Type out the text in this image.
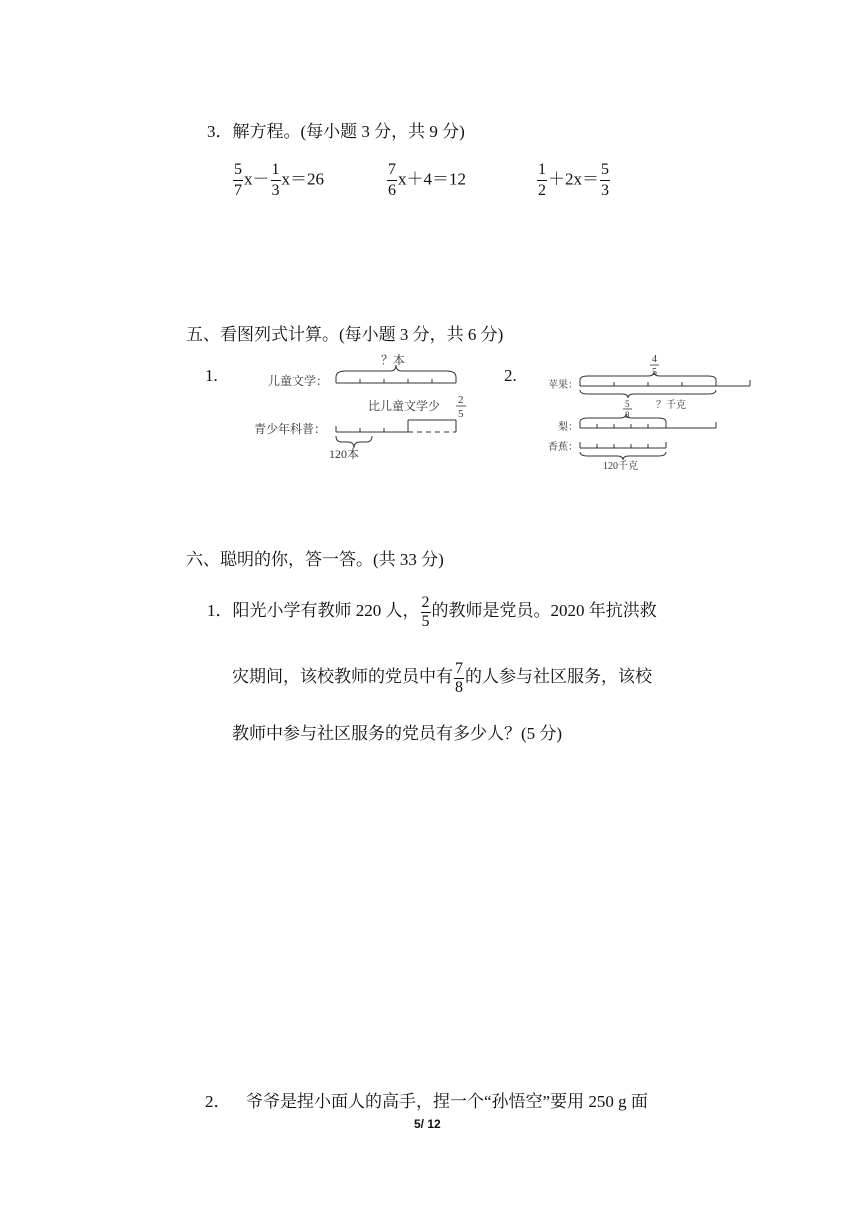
3．解方程。(每小题 3 分，共 9 分)
$\frac{5}{7} x- \frac{1}{3} x=26$	$\frac{7}{6} x+4=12$	$\frac{1}{2} +2x= \frac{5}{3}$
五、看图列式计算。(每小题 3 分，共 6 分)
1.	儿童文学：
？本
比儿童文学少 2
5
青少年科普：
120本
2.
4
5
苹果：
5
8
？千克
梨：
香蕉：
120千克
六、聪明的你，答一答。(共 33 分)
1．阳光小学有教师 220 人， $\frac{2}{5}$ 的教师是党员。2020 年抗洪救
灾期间，该校教师的党员中有 $\frac{7}{8}$ 的人参与社区服务，该校
教师中参与社区服务的党员有多少人？(5 分)
2． 爷爷是捏小面人的高手，捏一个“孙悟空”要用 250 g 面
5/ 12
